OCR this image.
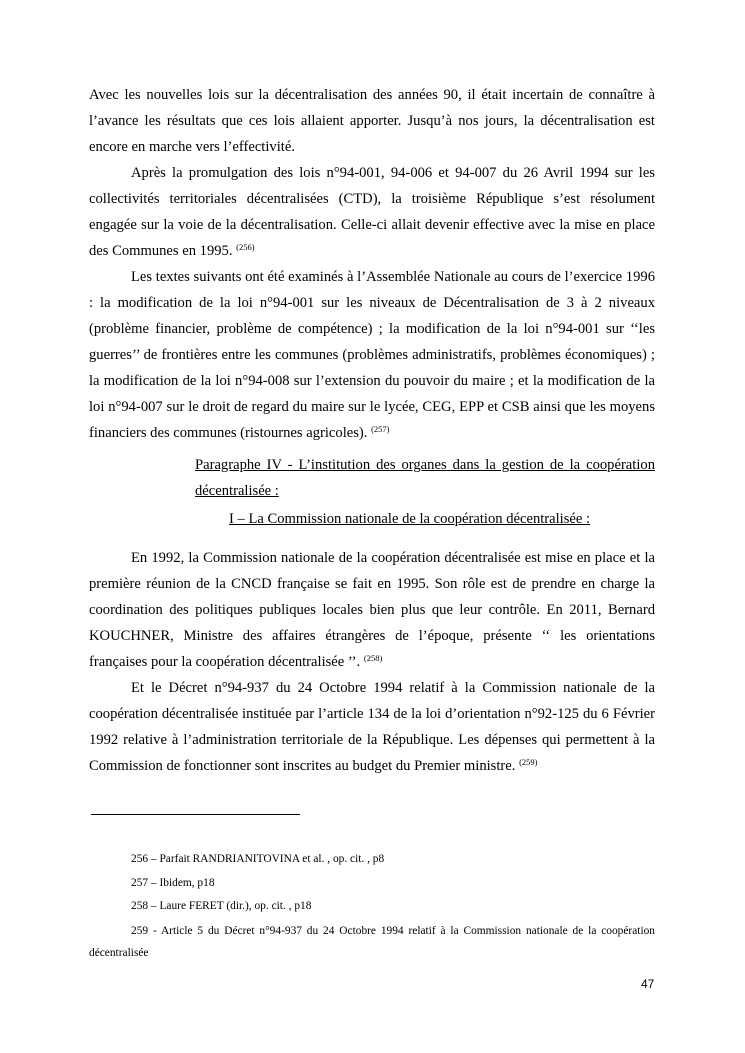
Avec les nouvelles lois sur la décentralisation des années 90, il était incertain de connaître à l’avance les résultats que ces lois allaient apporter. Jusqu’à nos jours, la décentralisation est encore en marche vers l’effectivité.

Après la promulgation des lois n°94-001, 94-006 et 94-007 du 26 Avril 1994 sur les collectivités territoriales décentralisées (CTD), la troisième République s’est résolument engagée sur la voie de la décentralisation. Celle-ci allait devenir effective avec la mise en place des Communes en 1995. $^{(256)}$

Les textes suivants ont été examinés à l’Assemblée Nationale au cours de l’exercice 1996 : la modification de la loi n°94-001 sur les niveaux de Décentralisation de 3 à 2 niveaux (problème financier, problème de compétence) ; la modification de la loi n°94-001 sur ‘‘les guerres’’ de frontières entre les communes (problèmes administratifs, problèmes économiques) ; la modification de la loi n°94-008 sur l’extension du pouvoir du maire ; et la modification de la loi n°94-007 sur le droit de regard du maire sur le lycée, CEG, EPP et CSB ainsi que les moyens financiers des communes (ristournes agricoles). $^{(257)}$

Paragraphe IV - L’institution des organes dans la gestion de la coopération décentralisée :

I – La Commission nationale de la coopération décentralisée :

En 1992, la Commission nationale de la coopération décentralisée est mise en place et la première réunion de la CNCD française se fait en 1995. Son rôle est de prendre en charge la coordination des politiques publiques locales bien plus que leur contrôle. En 2011, Bernard KOUCHNER, Ministre des affaires étrangères de l’époque, présente ‘‘ les orientations françaises pour la coopération décentralisée ’’. $^{(258)}$

Et le Décret n°94-937 du 24 Octobre 1994 relatif à la Commission nationale de la coopération décentralisée instituée par l’article 134 de la loi d’orientation n°92-125 du 6 Février 1992 relative à l’administration territoriale de la République. Les dépenses qui permettent à la Commission de fonctionner sont inscrites au budget du Premier ministre. $^{(259)}$

256 – Parfait RANDRIANITOVINA et al. , op. cit. , p8
257 – Ibidem, p18
258 – Laure FERET (dir.), op. cit. , p18
259 - Article 5 du Décret n°94-937 du 24 Octobre 1994 relatif à la Commission nationale de la coopération décentralisée
47
